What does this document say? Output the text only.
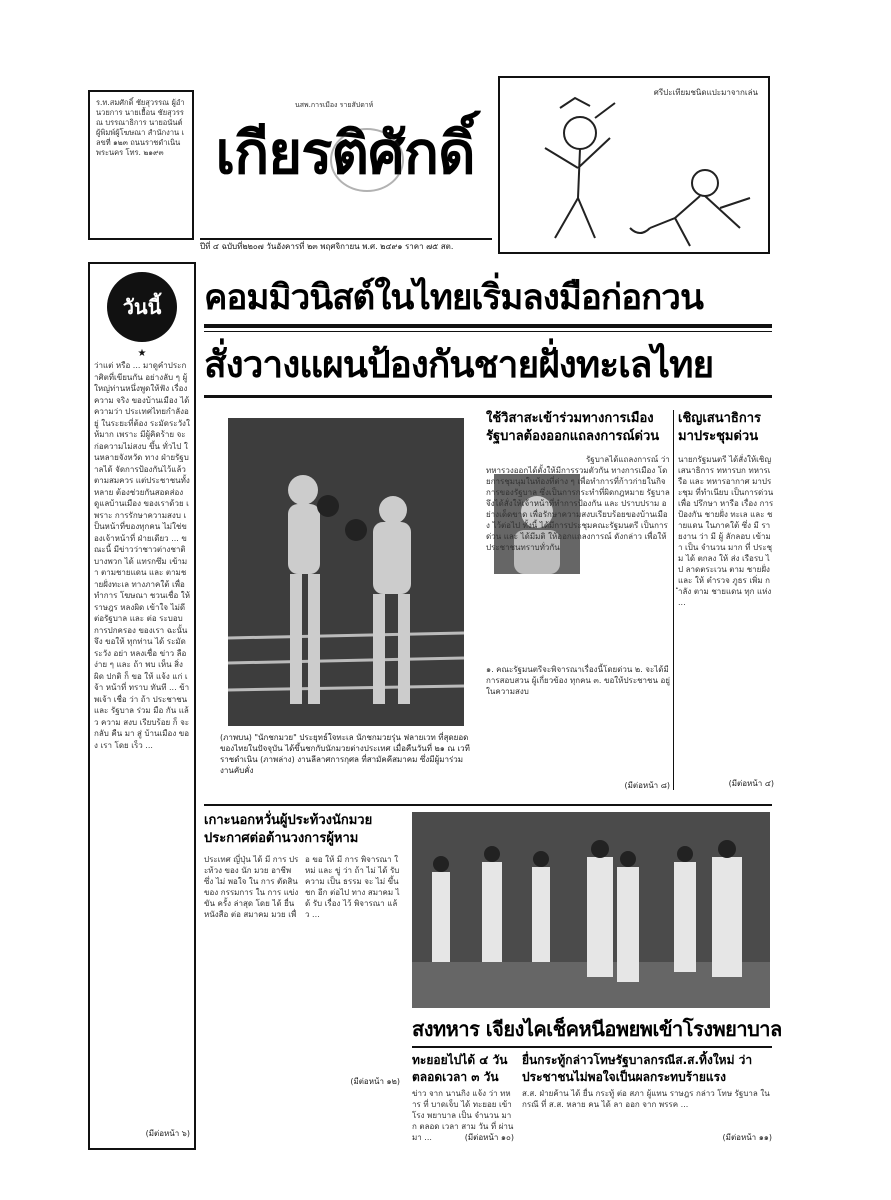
ร.ท.สมศักดิ์ ชัยสุวรรณ ผู้อำนวยการ นายเยื้อน ชัยสุวรรณ บรรณาธิการ นายอนันต์ ผู้พิมพ์ผู้โฆษณา สำนักงาน เลขที่ ๑๒๓ ถนนราชดำเนิน พระนคร โทร. ๒๑๙๓
นสพ.การเมือง รายสัปดาห์
เกียรติศักดิ์
ปีที่ ๔ ฉบับที่๒๒๐๗ วันอังคารที่ ๒๓ พฤศจิกายน พ.ศ. ๒๔๙๑ ราคา ๗๕ สต.
ศรีปะเทียมชนิดแปะมาจากเล่น
วันนี้
★
ว่าแต่ หรือ ... มาดูคำประกาศิตที่เขียนกัน อย่างลับ ๆ ผู้ใหญ่ท่านหนึ่งพูดให้ฟัง เรื่อง ความ จริง ของบ้านเมือง ได้ความว่า ประเทศไทยกำลังอยู่ ในระยะที่ต้อง ระมัดระวังให้มาก เพราะ มีผู้คิดร้าย จะ ก่อความไม่สงบ ขึ้น ทั่วไป ในหลายจังหวัด ทาง ฝ่ายรัฐบาลได้ จัดการป้องกันไว้แล้ว ตามสมควร แต่ประชาชนทั้งหลาย ต้องช่วยกันสอดส่อง ดูแลบ้านเมือง ของเราด้วย เพราะ การรักษาความสงบ เป็นหน้าที่ของทุกคน ไม่ใช่ของเจ้าหน้าที่ ฝ่ายเดียว ... ขณะนี้ มีข่าวว่าชาวต่างชาติ บางพวก ได้ แทรกซึม เข้ามา ตามชายแดน และ ตามชายฝั่งทะเล ทางภาคใต้ เพื่อ ทำการ โฆษณา ชวนเชื่อ ให้ ราษฎร หลงผิด เข้าใจ ไม่ดี ต่อรัฐบาล และ ต่อ ระบอบ การปกครอง ของเรา ฉะนั้น จึง ขอให้ ทุกท่าน ได้ ระมัดระวัง อย่า หลงเชื่อ ข่าว ลือ ง่าย ๆ และ ถ้า พบ เห็น สิ่ง ผิด ปกติ ก็ ขอ ให้ แจ้ง แก่ เจ้า หน้าที่ ทราบ ทันที ... ข้าพเจ้า เชื่อ ว่า ถ้า ประชาชน และ รัฐบาล ร่วม มือ กัน แล้ว ความ สงบ เรียบร้อย ก็ จะ กลับ คืน มา สู่ บ้านเมือง ของ เรา โดย เร็ว ...
(มีต่อหน้า ๖)
คอมมิวนิสต์ในไทยเริ่มลงมือก่อกวน
สั่งวางแผนป้องกันชายฝั่งทะเลไทย
(ภาพบน) "นักชกมวย" ประยุทธ์ใจทะเล นักชกมวยรุ่น ฟลายเวท ที่สุดยอดของไทยในปัจจุบัน ได้ขึ้นชกกับนักมวยต่างประเทศ เมื่อคืนวันที่ ๒๑ ณ เวทีราชดำเนิน (ภาพล่าง) งานลีลาศการกุศล ที่สามัคคีสมาคม ซึ่งมีผู้มาร่วมงานคับคั่ง
ใช้วิสาสะเข้าร่วมทางการเมือง รัฐบาลต้องออกแถลงการณ์ด่วน
รัฐบาลได้แถลงการณ์ ว่า ทหารวงออกได้ตั้งให้มีการรวมตัวกัน ทางการเมือง โดยการชุมนุมในท้องที่ต่าง ๆ เพื่อทำการที่ก้าวก่ายในกิจการของรัฐบาล ซึ่งเป็นการกระทำที่ผิดกฎหมาย รัฐบาลจึงได้สั่งให้เจ้าหน้าที่ทำการป้องกัน และ ปราบปราม อย่างเด็ดขาด เพื่อรักษาความสงบเรียบร้อยของบ้านเมือง ไว้ต่อไป ทั้งนี้ ได้มีการประชุมคณะรัฐมนตรี เป็นการด่วน และ ได้มีมติ ให้ออกแถลงการณ์ ดังกล่าว เพื่อให้ประชาชนทราบทั่วกัน
๑. คณะรัฐมนตรีจะพิจารณาเรื่องนี้โดยด่วน ๒. จะได้มีการสอบสวน ผู้เกี่ยวข้อง ทุกคน ๓. ขอให้ประชาชน อยู่ในความสงบ
(มีต่อหน้า ๘)
เชิญเสนาธิการมาประชุมด่วน
นายกรัฐมนตรี ได้สั่งให้เชิญ เสนาธิการ ทหารบก ทหารเรือ และ ทหารอากาศ มาประชุม ที่ทำเนียบ เป็นการด่วน เพื่อ ปรึกษา หารือ เรื่อง การ ป้องกัน ชายฝั่ง ทะเล และ ชายแดน ในภาคใต้ ซึ่ง มี รายงาน ว่า มี ผู้ ลักลอบ เข้ามา เป็น จำนวน มาก ที่ ประชุม ได้ ตกลง ให้ ส่ง เรือรบ ไป ลาดตระเวน ตาม ชายฝั่ง และ ให้ ตำรวจ ภูธร เพิ่ม กำลัง ตาม ชายแดน ทุก แห่ง ...
(มีต่อหน้า ๔)
เกาะนอกหวั่นผู้ประท้วงนักมวย ประกาศต่อต้านวงการผู้หาม
ประเทศ ญี่ปุ่น ได้ มี การ ประท้วง ของ นัก มวย อาชีพ ซึ่ง ไม่ พอใจ ใน การ ตัดสิน ของ กรรมการ ใน การ แข่งขัน ครั้ง ล่าสุด โดย ได้ ยื่น หนังสือ ต่อ สมาคม มวย เพื่อ ขอ ให้ มี การ พิจารณา ใหม่ และ ขู่ ว่า ถ้า ไม่ ได้ รับ ความ เป็น ธรรม จะ ไม่ ขึ้น ชก อีก ต่อไป ทาง สมาคม ได้ รับ เรื่อง ไว้ พิจารณา แล้ว ...
(มีต่อหน้า ๑๒)
สงทหาร เจียงไคเช็คหนีอพยพเข้าโรงพยาบาล
ทะยอยไปได้ ๔ วัน ตลอดเวลา ๓ วัน
ข่าว จาก นานกิง แจ้ง ว่า ทหาร ที่ บาดเจ็บ ได้ ทะยอย เข้า โรง พยาบาล เป็น จำนวน มาก ตลอด เวลา สาม วัน ที่ ผ่าน มา ...	(มีต่อหน้า ๑๐)
ยื่นกระทู้กล่าวโทษรัฐบาลกรณีส.ส.ทิ้งใหม่ ว่าประชาชนไม่พอใจเป็นผลกระทบร้ายแรง
ส.ส. ฝ่ายค้าน ได้ ยื่น กระทู้ ต่อ สภา ผู้แทน ราษฎร กล่าว โทษ รัฐบาล ใน กรณี ที่ ส.ส. หลาย คน ได้ ลา ออก จาก พรรค ...
(มีต่อหน้า ๑๑)
